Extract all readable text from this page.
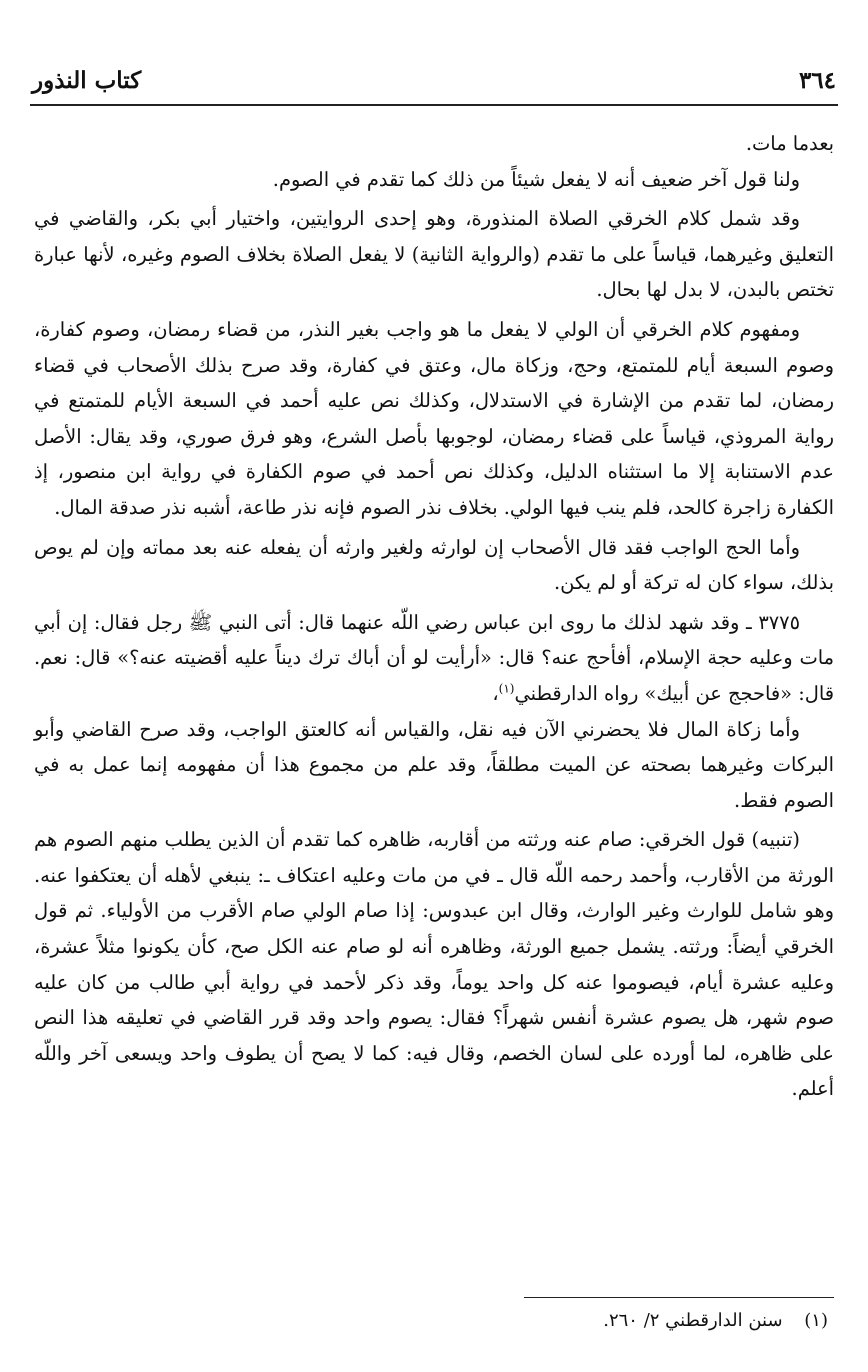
٣٦٤
كتاب النذور

بعدما مات.

ولنا قول آخر ضعيف أنه لا يفعل شيئاً من ذلك كما تقدم في الصوم.

وقد شمل كلام الخرقي الصلاة المنذورة، وهو إحدى الروايتين، واختيار أبي بكر، والقاضي في التعليق وغيرهما، قياساً على ما تقدم (والرواية الثانية) لا يفعل الصلاة بخلاف الصوم وغيره، لأنها عبارة تختص بالبدن، لا بدل لها بحال.

ومفهوم كلام الخرقي أن الولي لا يفعل ما هو واجب بغير النذر، من قضاء رمضان، وصوم كفارة، وصوم السبعة أيام للمتمتع، وحج، وزكاة مال، وعتق في كفارة، وقد صرح بذلك الأصحاب في قضاء رمضان، لما تقدم من الإشارة في الاستدلال، وكذلك نص عليه أحمد في السبعة الأيام للمتمتع في رواية المروذي، قياساً على قضاء رمضان، لوجوبها بأصل الشرع، وهو فرق صوري، وقد يقال: الأصل عدم الاستنابة إلا ما استثناه الدليل، وكذلك نص أحمد في صوم الكفارة في رواية ابن منصور، إذ الكفارة زاجرة كالحد، فلم ينب فيها الولي. بخلاف نذر الصوم فإنه نذر طاعة، أشبه نذر صدقة المال.

وأما الحج الواجب فقد قال الأصحاب إن لوارثه ولغير وارثه أن يفعله عنه بعد مماته وإن لم يوص بذلك، سواء كان له تركة أو لم يكن.

٣٧٧٥ ـ وقد شهد لذلك ما روى ابن عباس رضي اللّه عنهما قال: أتى النبي ﷺ رجل فقال: إن أبي مات وعليه حجة الإسلام، أفأحج عنه؟ قال: «أرأيت لو أن أباك ترك ديناً عليه أقضيته عنه؟» قال: نعم. قال: «فاحجج عن أبيك» رواه الدارقطني$^{(١)}$،

وأما زكاة المال فلا يحضرني الآن فيه نقل، والقياس أنه كالعتق الواجب، وقد صرح القاضي وأبو البركات وغيرهما بصحته عن الميت مطلقاً، وقد علم من مجموع هذا أن مفهومه إنما عمل به في الصوم فقط.

(تنبيه) قول الخرقي: صام عنه ورثته من أقاربه، ظاهره كما تقدم أن الذين يطلب منهم الصوم هم الورثة من الأقارب، وأحمد رحمه اللّه قال ـ في من مات وعليه اعتكاف ـ: ينبغي لأهله أن يعتكفوا عنه. وهو شامل للوارث وغير الوارث، وقال ابن عبدوس: إذا صام الولي صام الأقرب من الأولياء. ثم قول الخرقي أيضاً: ورثته. يشمل جميع الورثة، وظاهره أنه لو صام عنه الكل صح، كأن يكونوا مثلاً عشرة، وعليه عشرة أيام، فيصوموا عنه كل واحد يوماً، وقد ذكر لأحمد في رواية أبي طالب من كان عليه صوم شهر، هل يصوم عشرة أنفس شهراً؟ فقال: يصوم واحد وقد قرر القاضي في تعليقه هذا النص على ظاهره، لما أورده على لسان الخصم، وقال فيه: كما لا يصح أن يطوف واحد ويسعى آخر واللّه أعلم.

(١) سنن الدارقطني ٢/ ٢٦٠.
